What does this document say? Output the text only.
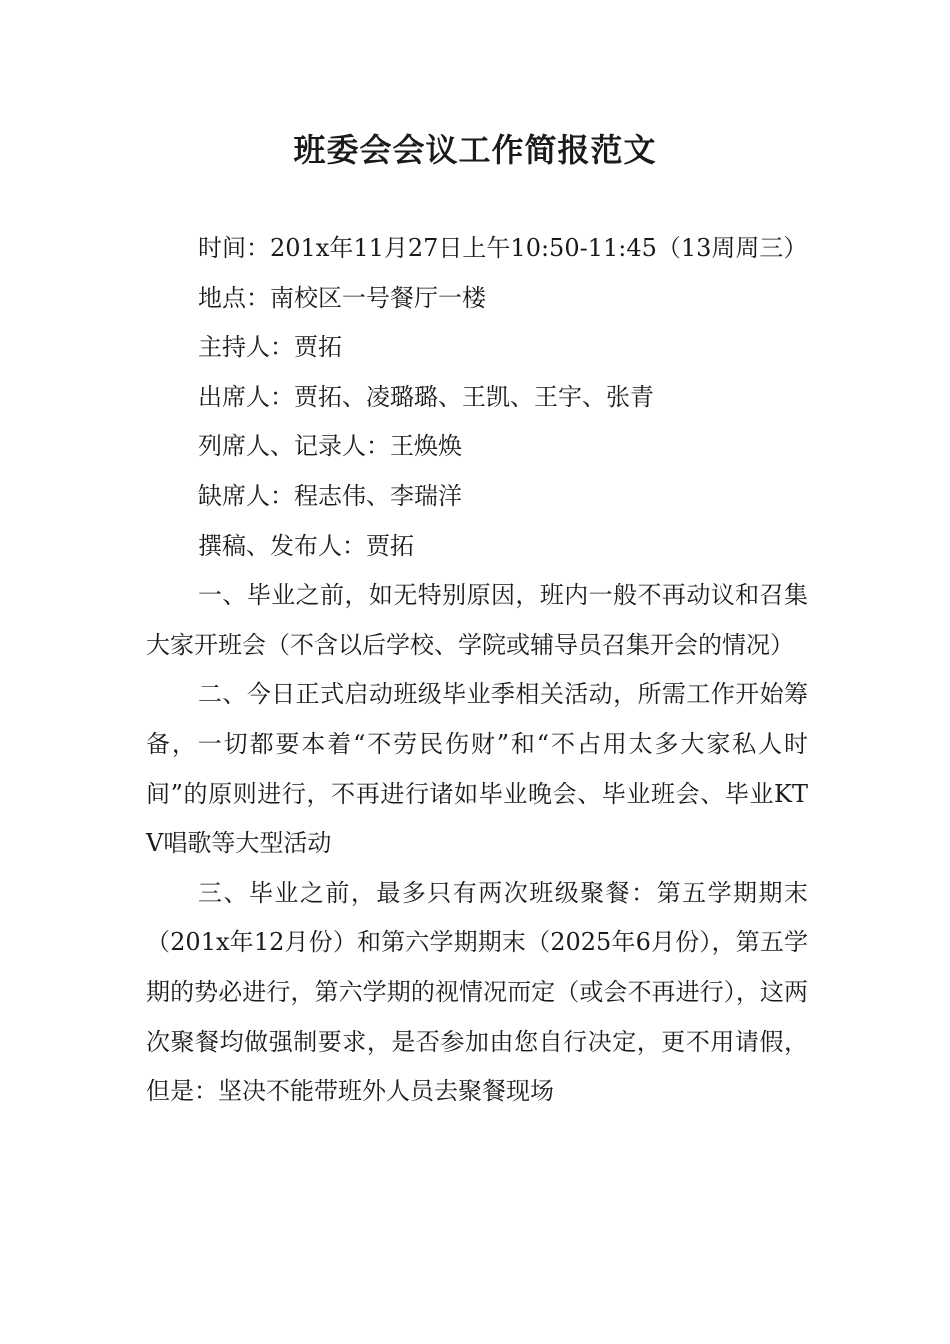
班委会会议工作简报范文

时间：201x年11月27日上午10:50-11:45（13周周三）

地点：南校区一号餐厅一楼

主持人：贾拓

出席人：贾拓、凌璐璐、王凯、王宇、张青

列席人、记录人：王焕焕

缺席人：程志伟、李瑞洋

撰稿、发布人：贾拓

一、毕业之前，如无特别原因，班内一般不再动议和召集大家开班会（不含以后学校、学院或辅导员召集开会的情况）

二、今日正式启动班级毕业季相关活动，所需工作开始筹备，一切都要本着“不劳民伤财”和“不占用太多大家私人时间”的原则进行，不再进行诸如毕业晚会、毕业班会、毕业KTV唱歌等大型活动

三、毕业之前，最多只有两次班级聚餐：第五学期期末（201x年12月份）和第六学期期末（2025年6月份），第五学期的势必进行，第六学期的视情况而定（或会不再进行），这两次聚餐均做强制要求，是否参加由您自行决定，更不用请假，但是：坚决不能带班外人员去聚餐现场
